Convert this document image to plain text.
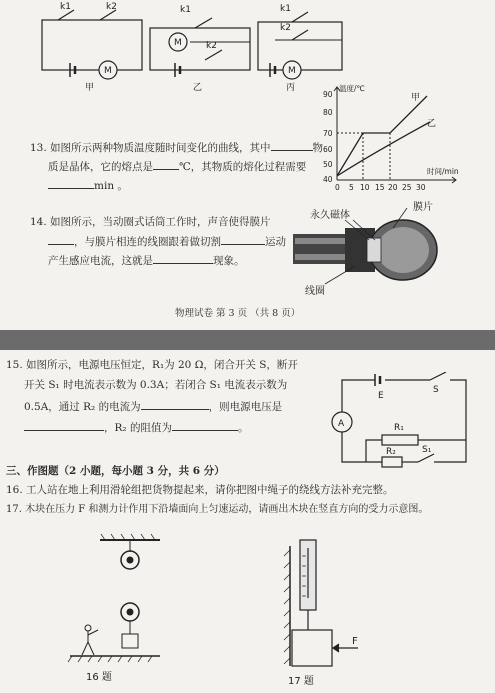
M
M
M
k1	k2	k1
k2
k1
k2
甲	乙	丙	温度/℃
时间/min
甲
乙
90
80
70
60
50
40
0 5 10 15 20 25 30
13. 如图所示两种物质温度随时间变化的曲线，其中	物
质是晶体，它的熔点是 ℃，其物质的熔化过程需要
min 。
14. 如图所示，当动圈式话筒工作时，声音使得膜片
，与膜片相连的线圈跟着做切割	运动
产生感应电流，这就是	现象。
永久磁体
膜片
线圈
物理试卷 第 3 页 （共 8 页）
15. 如图所示，电源电压恒定，R₁为 20 Ω，闭合开关 S，断开
开关 S₁ 时电流表示数为 0.3A；若闭合 S₁ 电流表示数为
0.5A，通过 R₂ 的电流为	，则电源电压是
，R₂ 的阻值为	。	A
E
S
R₁
R₂	S₁
三、作图题（2 小题，每小题 3 分，共 6 分）
16. 工人站在地上利用滑轮组把货物提起来，请你把图中绳子的绕线方法补充完整。
17. 木块在压力 F 和测力计作用下沿墙面向上匀速运动，请画出木块在竖直方向的受力示意图。
16 题
F
17 题
